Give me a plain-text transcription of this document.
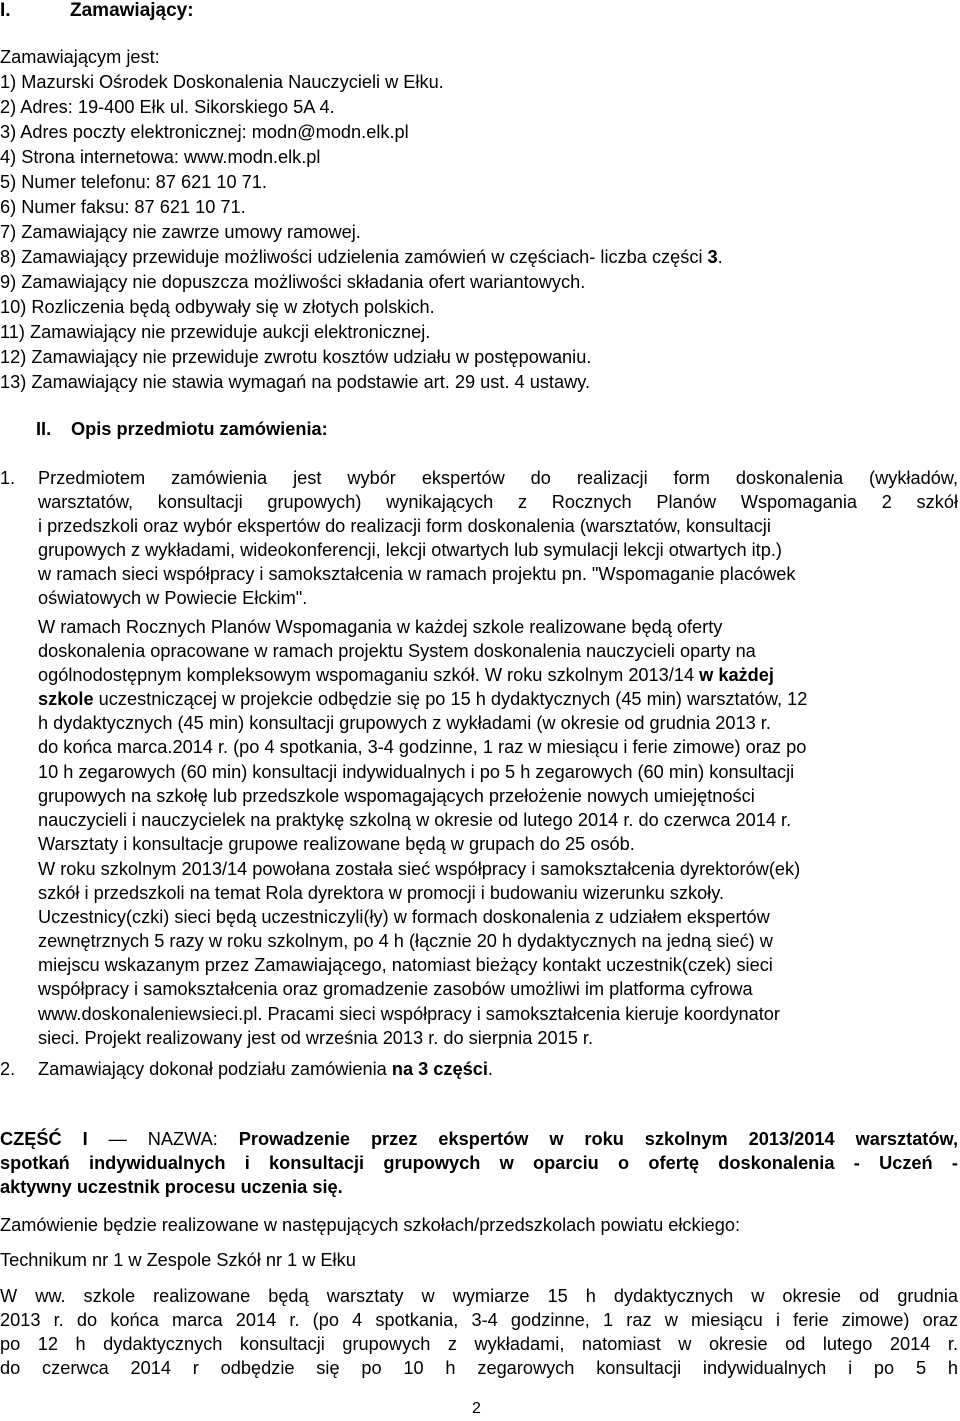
I.	Zamawiający:
Zamawiającym jest:
1) Mazurski Ośrodek Doskonalenia Nauczycieli w Ełku.
2) Adres: 19-400 Ełk ul. Sikorskiego 5A 4.
3) Adres poczty elektronicznej: modn@modn.elk.pl
4) Strona internetowa: www.modn.elk.pl
5) Numer telefonu: 87 621 10 71.
6) Numer faksu: 87 621 10 71.
7) Zamawiający nie zawrze umowy ramowej.
8) Zamawiający przewiduje możliwości udzielenia zamówień w częściach- liczba części 3.
9) Zamawiający nie dopuszcza możliwości składania ofert wariantowych.
10) Rozliczenia będą odbywały się w złotych polskich.
11) Zamawiający nie przewiduje aukcji elektronicznej.
12) Zamawiający nie przewiduje zwrotu kosztów udziału w postępowaniu.
13) Zamawiający nie stawia wymagań na podstawie art. 29 ust. 4 ustawy.
II. Opis przedmiotu zamówienia:
1. Przedmiotem zamówienia jest wybór ekspertów do realizacji form doskonalenia (wykładów,
warsztatów, konsultacji grupowych) wynikających z Rocznych Planów Wspomagania 2 szkół
i przedszkoli oraz wybór ekspertów do realizacji form doskonalenia (warsztatów, konsultacji
grupowych z wykładami, wideokonferencji, lekcji otwartych lub symulacji lekcji otwartych itp.)
w ramach sieci współpracy i samokształcenia w ramach projektu pn. "Wspomaganie placówek
oświatowych w Powiecie Ełckim".
W ramach Rocznych Planów Wspomagania w każdej szkole realizowane będą oferty
doskonalenia opracowane w ramach projektu System doskonalenia nauczycieli oparty na
ogólnodostępnym kompleksowym wspomaganiu szkół. W roku szkolnym 2013/14 w każdej
szkole uczestniczącej w projekcie odbędzie się po 15 h dydaktycznych (45 min) warsztatów, 12
h dydaktycznych (45 min) konsultacji grupowych z wykładami (w okresie od grudnia 2013 r.
do końca marca.2014 r. (po 4 spotkania, 3-4 godzinne, 1 raz w miesiącu i ferie zimowe) oraz po
10 h zegarowych (60 min) konsultacji indywidualnych i po 5 h zegarowych (60 min) konsultacji
grupowych na szkołę lub przedszkole wspomagających przełożenie nowych umiejętności
nauczycieli i nauczycielek na praktykę szkolną w okresie od lutego 2014 r. do czerwca 2014 r.
Warsztaty i konsultacje grupowe realizowane będą w grupach do 25 osób.
W roku szkolnym 2013/14 powołana została sieć współpracy i samokształcenia dyrektorów(ek)
szkół i przedszkoli na temat Rola dyrektora w promocji i budowaniu wizerunku szkoły.
Uczestnicy(czki) sieci będą uczestniczyli(ły) w formach doskonalenia z udziałem ekspertów
zewnętrznych 5 razy w roku szkolnym, po 4 h (łącznie 20 h dydaktycznych na jedną sieć) w
miejscu wskazanym przez Zamawiającego, natomiast bieżący kontakt uczestnik(czek) sieci
współpracy i samokształcenia oraz gromadzenie zasobów umożliwi im platforma cyfrowa
www.doskonaleniewsieci.pl. Pracami sieci współpracy i samokształcenia kieruje koordynator
sieci. Projekt realizowany jest od września 2013 r. do sierpnia 2015 r.
2. Zamawiający dokonał podziału zamówienia na 3 części.
CZĘŚĆ I — NAZWA: Prowadzenie przez ekspertów w roku szkolnym 2013/2014 warsztatów,
spotkań indywidualnych i konsultacji grupowych w oparciu o ofertę doskonalenia - Uczeń -
aktywny uczestnik procesu uczenia się.
Zamówienie będzie realizowane w następujących szkołach/przedszkolach powiatu ełckiego:
Technikum nr 1 w Zespole Szkół nr 1 w Ełku
W ww. szkole realizowane będą warsztaty w wymiarze 15 h dydaktycznych w okresie od grudnia
2013 r. do końca marca 2014 r. (po 4 spotkania, 3-4 godzinne, 1 raz w miesiącu i ferie zimowe) oraz
po 12 h dydaktycznych konsultacji grupowych z wykładami, natomiast w okresie od lutego 2014 r.
do czerwca 2014 r odbędzie się po 10 h zegarowych konsultacji indywidualnych i po 5 h
2
